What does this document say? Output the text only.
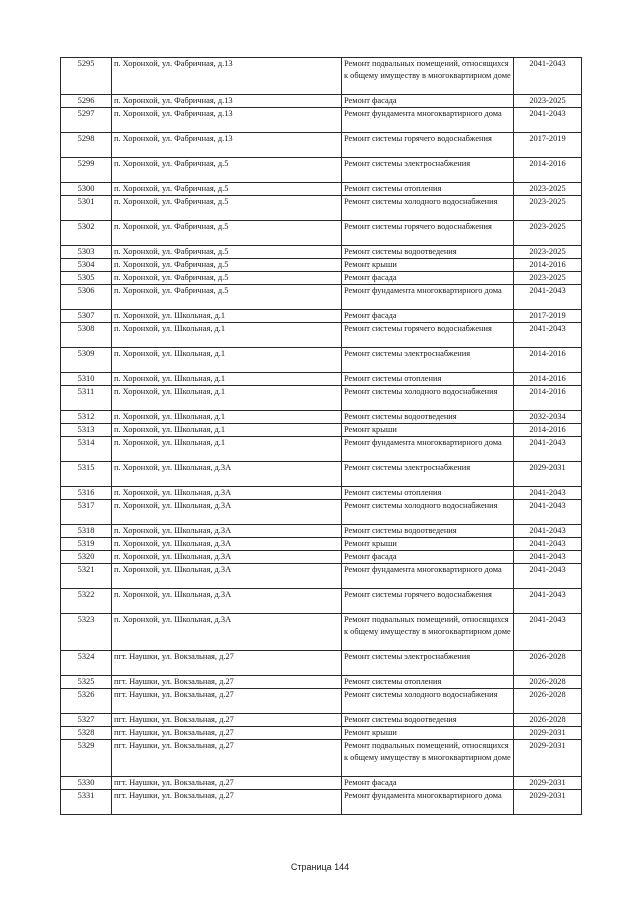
5295	п. Хоронхой, ул. Фабричная, д.13	Ремонт подвальных помещений, относящихся к общему имуществу в многоквартирном доме	2041-2043
5296	п. Хоронхой, ул. Фабричная, д.13	Ремонт фасада	2023-2025
5297	п. Хоронхой, ул. Фабричная, д.13	Ремонт фундамента многоквартирного дома	2041-2043
5298	п. Хоронхой, ул. Фабричная, д.13	Ремонт системы горячего водоснабжения	2017-2019
5299	п. Хоронхой, ул. Фабричная, д.5	Ремонт системы электроснабжения	2014-2016
5300	п. Хоронхой, ул. Фабричная, д.5	Ремонт системы отопления	2023-2025
5301	п. Хоронхой, ул. Фабричная, д.5	Ремонт системы холодного водоснабжения	2023-2025
5302	п. Хоронхой, ул. Фабричная, д.5	Ремонт системы горячего водоснабжения	2023-2025
5303	п. Хоронхой, ул. Фабричная, д.5	Ремонт системы водоотведения	2023-2025
5304	п. Хоронхой, ул. Фабричная, д.5	Ремонт крыши	2014-2016
5305	п. Хоронхой, ул. Фабричная, д.5	Ремонт фасада	2023-2025
5306	п. Хоронхой, ул. Фабричная, д.5	Ремонт фундамента многоквартирного дома	2041-2043
5307	п. Хоронхой, ул. Школьная, д.1	Ремонт фасада	2017-2019
5308	п. Хоронхой, ул. Школьная, д.1	Ремонт системы горячего водоснабжения	2041-2043
5309	п. Хоронхой, ул. Школьная, д.1	Ремонт системы электроснабжения	2014-2016
5310	п. Хоронхой, ул. Школьная, д.1	Ремонт системы отопления	2014-2016
5311	п. Хоронхой, ул. Школьная, д.1	Ремонт системы холодного водоснабжения	2014-2016
5312	п. Хоронхой, ул. Школьная, д.1	Ремонт системы водоотведения	2032-2034
5313	п. Хоронхой, ул. Школьная, д.1	Ремонт крыши	2014-2016
5314	п. Хоронхой, ул. Школьная, д.1	Ремонт фундамента многоквартирного дома	2041-2043
5315	п. Хоронхой, ул. Школьная, д.3А	Ремонт системы электроснабжения	2029-2031
5316	п. Хоронхой, ул. Школьная, д.3А	Ремонт системы отопления	2041-2043
5317	п. Хоронхой, ул. Школьная, д.3А	Ремонт системы холодного водоснабжения	2041-2043
5318	п. Хоронхой, ул. Школьная, д.3А	Ремонт системы водоотведения	2041-2043
5319	п. Хоронхой, ул. Школьная, д.3А	Ремонт крыши	2041-2043
5320	п. Хоронхой, ул. Школьная, д.3А	Ремонт фасада	2041-2043
5321	п. Хоронхой, ул. Школьная, д.3А	Ремонт фундамента многоквартирного дома	2041-2043
5322	п. Хоронхой, ул. Школьная, д.3А	Ремонт системы горячего водоснабжения	2041-2043
5323	п. Хоронхой, ул. Школьная, д.3А	Ремонт подвальных помещений, относящихся к общему имуществу в многоквартирном доме	2041-2043
5324	пгт. Наушки, ул. Вокзальная, д.27	Ремонт системы электроснабжения	2026-2028
5325	пгт. Наушки, ул. Вокзальная, д.27	Ремонт системы отопления	2026-2028
5326	пгт. Наушки, ул. Вокзальная, д.27	Ремонт системы холодного водоснабжения	2026-2028
5327	пгт. Наушки, ул. Вокзальная, д.27	Ремонт системы водоотведения	2026-2028
5328	пгт. Наушки, ул. Вокзальная, д.27	Ремонт крыши	2029-2031
5329	пгт. Наушки, ул. Вокзальная, д.27	Ремонт подвальных помещений, относящихся к общему имуществу в многоквартирном доме	2029-2031
5330	пгт. Наушки, ул. Вокзальная, д.27	Ремонт фасада	2029-2031
5331	пгт. Наушки, ул. Вокзальная, д.27	Ремонт фундамента многоквартирного дома	2029-2031
Страница 144
